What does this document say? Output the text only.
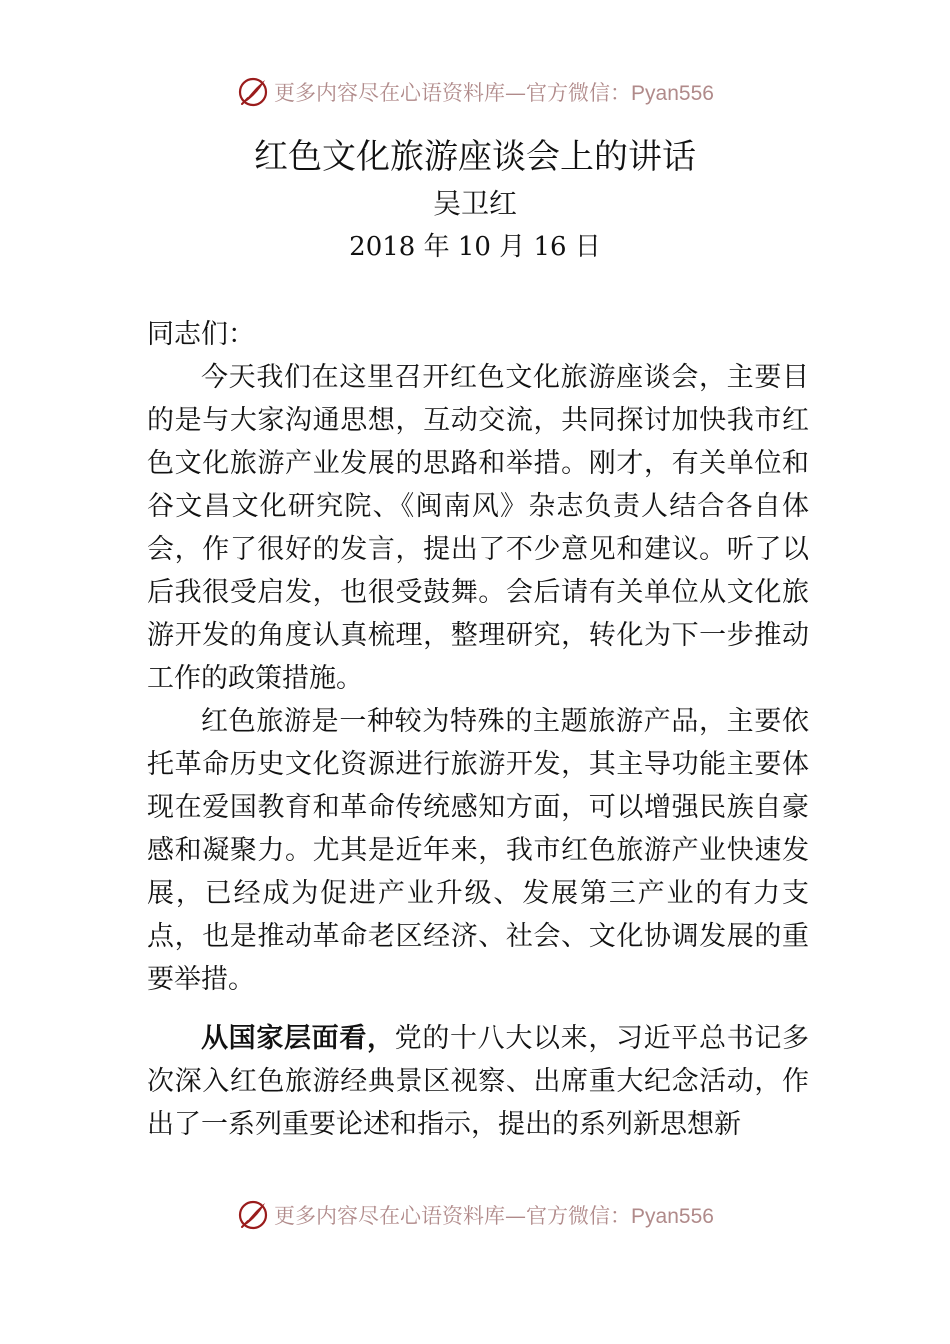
更多内容尽在心语资料库—官方微信：Pyan556
红色文化旅游座谈会上的讲话
吴卫红
2018 年 10 月 16 日

同志们：

今天我们在这里召开红色文化旅游座谈会，主要目的是与大家沟通思想，互动交流，共同探讨加快我市红色文化旅游产业发展的思路和举措。刚才，有关单位和谷文昌文化研究院、《闽南风》杂志负责人结合各自体会，作了很好的发言，提出了不少意见和建议。听了以后我很受启发，也很受鼓舞。会后请有关单位从文化旅游开发的角度认真梳理，整理研究，转化为下一步推动工作的政策措施。

红色旅游是一种较为特殊的主题旅游产品，主要依托革命历史文化资源进行旅游开发，其主导功能主要体现在爱国教育和革命传统感知方面，可以增强民族自豪感和凝聚力。尤其是近年来，我市红色旅游产业快速发展，已经成为促进产业升级、发展第三产业的有力支点，也是推动革命老区经济、社会、文化协调发展的重要举措。

从国家层面看，党的十八大以来，习近平总书记多次深入红色旅游经典景区视察、出席重大纪念活动，作出了一系列重要论述和指示，提出的系列新思想新

更多内容尽在心语资料库—官方微信：Pyan556
